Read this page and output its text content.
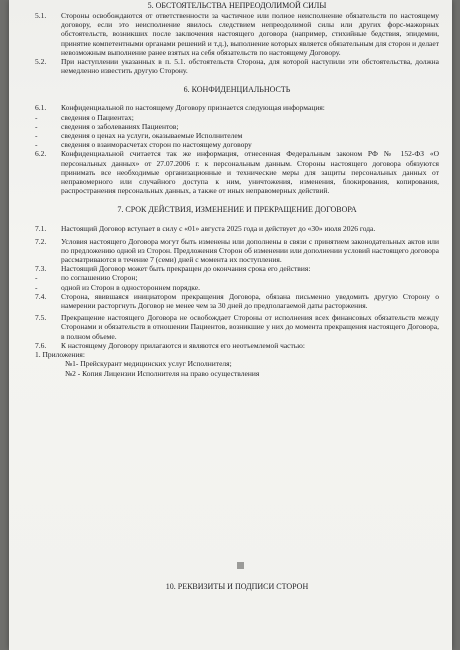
5. ОБСТОЯТЕЛЬСТВА НЕПРЕОДОЛИМОЙ СИЛЫ
5.1.	Стороны освобождаются от ответственности за частичное или полное неисполнение обязательств по настоящему договору, если это неисполнение явилось следствием непреодолимой силы или других форс-мажорных обстоятельств, возникших после заключения настоящего договора (например, стихийные бедствия, эпидемии, принятие компетентными органами решений и т.д.), выполнение которых является обязательным для сторон и делает невозможным выполнение ранее взятых на себя обязательств по настоящему Договору.
5.2.	При наступлении указанных в п. 5.1. обстоятельств Сторона, для которой наступили эти обстоятельства, должна немедленно известить другую Сторону.
6. КОНФИДЕНЦИАЛЬНОСТЬ
6.1.	Конфиденциальной по настоящему Договору признается следующая информация:
-	сведения о Пациентах;
-	сведения о заболеваниях Пациентов;
-	сведения о ценах на услуги, оказываемые Исполнителем
-	сведения о взаиморасчетах сторон по настоящему договору
6.2.	Конфиденциальной считается так же информация, отнесенная Федеральным законом РФ № 152-ФЗ «О персональных данных» от 27.07.2006 г. к персональным данным. Стороны настоящего договора обязуются принимать все необходимые организационные и технические меры для защиты персональных данных от неправомерного или случайного доступа к ним, уничтожения, изменения, блокирования, копирования, распространения персональных данных, а также от иных неправомерных действий.
7. СРОК ДЕЙСТВИЯ, ИЗМЕНЕНИЕ И ПРЕКРАЩЕНИЕ ДОГОВОРА
7.1.	Настоящий Договор вступает в силу с «01» августа 2025 года и действует до «30» июля 2026 года.
7.2.	Условия настоящего Договора могут быть изменены или дополнены в связи с принятием законодательных актов или по предложению одной из Сторон. Предложения Сторон об изменении или дополнении условий настоящего договора рассматриваются в течение 7 (семи) дней с момента их поступления.
7.3.	Настоящий Договор может быть прекращен до окончания срока его действия:
-	по соглашению Сторон;
-	одной из Сторон в одностороннем порядке.
7.4.	Сторона, явившаяся инициатором прекращения Договора, обязана письменно уведомить другую Сторону о намерении расторгнуть Договор не менее чем за 30 дней до предполагаемой даты расторжения.
7.5.	Прекращение настоящего Договора не освобождает Стороны от исполнения всех финансовых обязательств между Сторонами и обязательств в отношении Пациентов, возникшие у них до момента прекращения настоящего Договора, в полном объеме.
7.6.	К настоящему Договору прилагаются и являются его неотъемлемой частью:
1. Приложения:
№1- Прейскурант медицинских услуг Исполнителя;
№2 - Копия Лицензии Исполнителя на право осуществления
10. РЕКВИЗИТЫ И ПОДПИСИ СТОРОН
